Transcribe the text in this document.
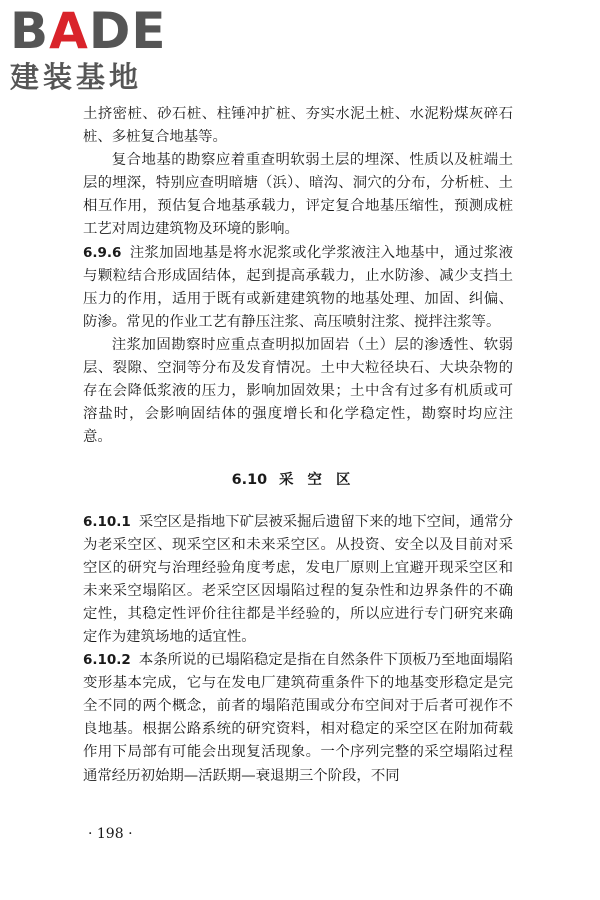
BADE
建装基地

土挤密桩、砂石桩、柱锤冲扩桩、夯实水泥土桩、水泥粉煤灰碎石桩、多桩复合地基等。

复合地基的勘察应着重查明软弱土层的埋深、性质以及桩端土层的埋深，特别应查明暗塘（浜）、暗沟、洞穴的分布，分析桩、土相互作用，预估复合地基承载力，评定复合地基压缩性，预测成桩工艺对周边建筑物及环境的影响。

6.9.6 注浆加固地基是将水泥浆或化学浆液注入地基中，通过浆液与颗粒结合形成固结体，起到提高承载力，止水防渗、减少支挡土压力的作用，适用于既有或新建建筑物的地基处理、加固、纠偏、防渗。常见的作业工艺有静压注浆、高压喷射注浆、搅拌注浆等。

注浆加固勘察时应重点查明拟加固岩（土）层的渗透性、软弱层、裂隙、空洞等分布及发育情况。土中大粒径块石、大块杂物的存在会降低浆液的压力，影响加固效果；土中含有过多有机质或可溶盐时，会影响固结体的强度增长和化学稳定性，勘察时均应注意。

6.10 采空区

6.10.1 采空区是指地下矿层被采掘后遗留下来的地下空间，通常分为老采空区、现采空区和未来采空区。从投资、安全以及目前对采空区的研究与治理经验角度考虑，发电厂原则上宜避开现采空区和未来采空塌陷区。老采空区因塌陷过程的复杂性和边界条件的不确定性，其稳定性评价往往都是半经验的，所以应进行专门研究来确定作为建筑场地的适宜性。

6.10.2 本条所说的已塌陷稳定是指在自然条件下顶板乃至地面塌陷变形基本完成，它与在发电厂建筑荷重条件下的地基变形稳定是完全不同的两个概念，前者的塌陷范围或分布空间对于后者可视作不良地基。根据公路系统的研究资料，相对稳定的采空区在附加荷载作用下局部有可能会出现复活现象。一个序列完整的采空塌陷过程通常经历初始期—活跃期—衰退期三个阶段，不同

· 198 ·
